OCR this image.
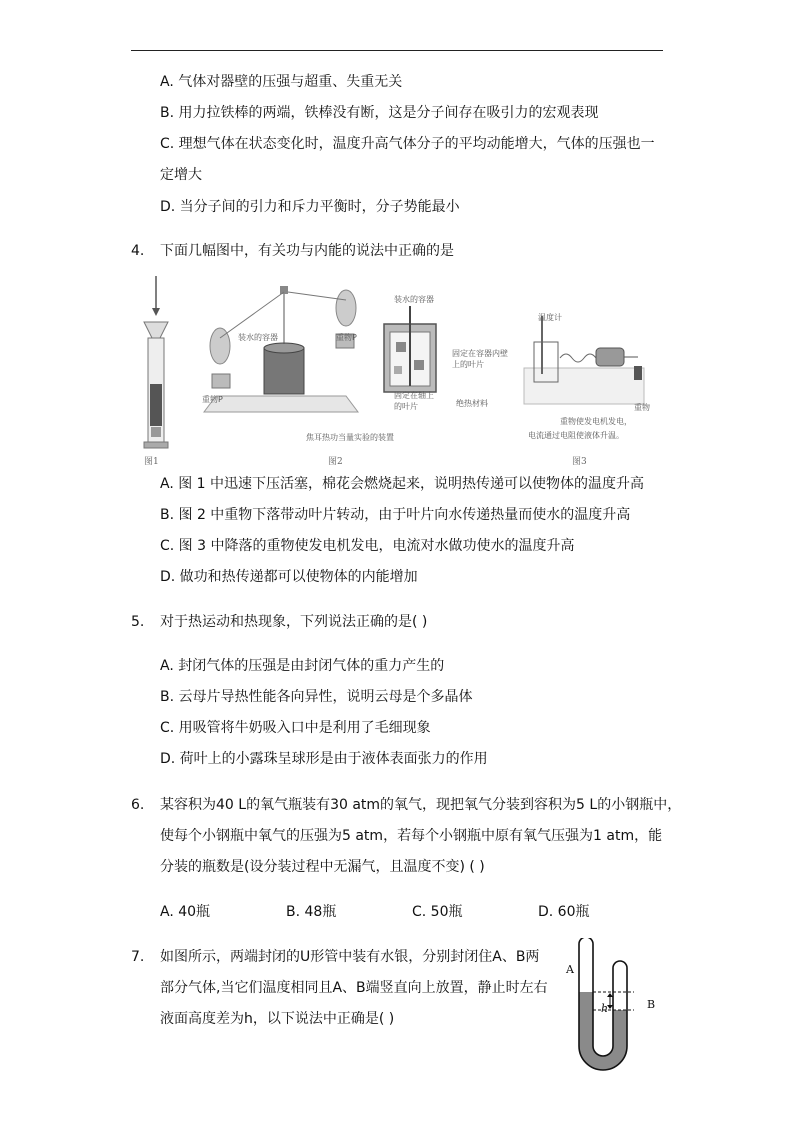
A. 气体对器壁的压强与超重、失重无关
B. 用力拉铁棒的两端，铁棒没有断，这是分子间存在吸引力的宏观表现
C. 理想气体在状态变化时，温度升高气体分子的平均动能增大，气体的压强也一
定增大
D. 当分子间的引力和斥力平衡时，分子势能最小
4. 下面几幅图中，有关功与内能的说法中正确的是
图1
装水的容器
重物P
重物P
焦耳热功当量实验的装置
图2
装水的容器
固定在容器内壁上的叶片
固定在轴上的叶片	绝热材料
温度计
重物
重物使发电机发电，
电流通过电阻使液体升温。
图3
A. 图 1 中迅速下压活塞，棉花会燃烧起来，说明热传递可以使物体的温度升高
B. 图 2 中重物下落带动叶片转动，由于叶片向水传递热量而使水的温度升高
C. 图 3 中降落的重物使发电机发电，电流对水做功使水的温度升高
D. 做功和热传递都可以使物体的内能增加
5. 对于热运动和热现象，下列说法正确的是( )
A. 封闭气体的压强是由封闭气体的重力产生的
B. 云母片导热性能各向异性，说明云母是个多晶体
C. 用吸管将牛奶吸入口中是利用了毛细现象
D. 荷叶上的小露珠呈球形是由于液体表面张力的作用
6. 某容积为40 L的氧气瓶装有30 atm的氧气，现把氧气分装到容积为5 L的小钢瓶中，
使每个小钢瓶中氧气的压强为5 atm，若每个小钢瓶中原有氧气压强为1 atm，能
分装的瓶数是(设分装过程中无漏气，且温度不变) ( )
A. 40瓶	B. 48瓶	C. 50瓶	D. 60瓶
7. 如图所示，两端封闭的U形管中装有水银，分别封闭住A、B两
部分气体,当它们温度相同且A、B端竖直向上放置，静止时左右
液面高度差为h，以下说法中正确是( )
A
B
h
